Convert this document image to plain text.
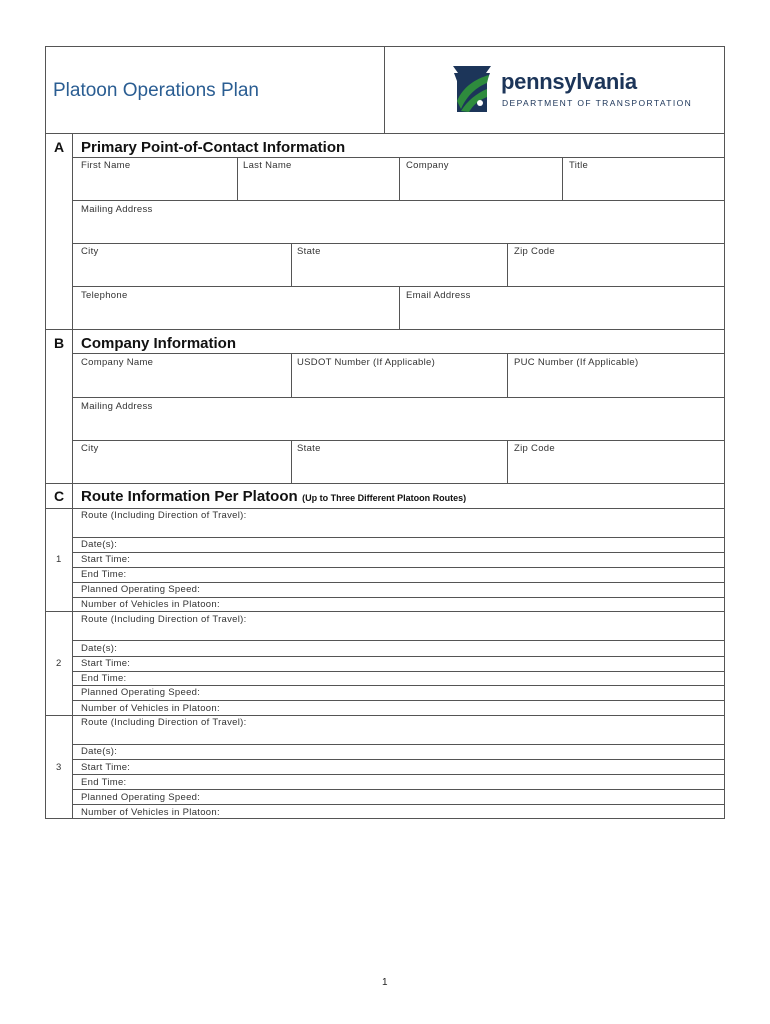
Platoon Operations Plan	pennsylvania
DEPARTMENT OF TRANSPORTATION
A Primary Point-of-Contact Information
First Name	Last Name	Company	Title
Mailing Address
City	State	Zip Code
Telephone	Email Address
B Company Information
Company Name	USDOT Number (If Applicable)	PUC Number (If Applicable)
Mailing Address
City	State	Zip Code
C Route Information Per Platoon (Up to Three Different Platoon Routes)
1
Route (Including Direction of Travel):
Date(s):
Start Time:
End Time:
Planned Operating Speed:
Number of Vehicles in Platoon:
2
Route (Including Direction of Travel):
Date(s):
Start Time:
End Time:
Planned Operating Speed:
Number of Vehicles in Platoon:
3
Route (Including Direction of Travel):
Date(s):
Start Time:
End Time:
Planned Operating Speed:
Number of Vehicles in Platoon:
1
